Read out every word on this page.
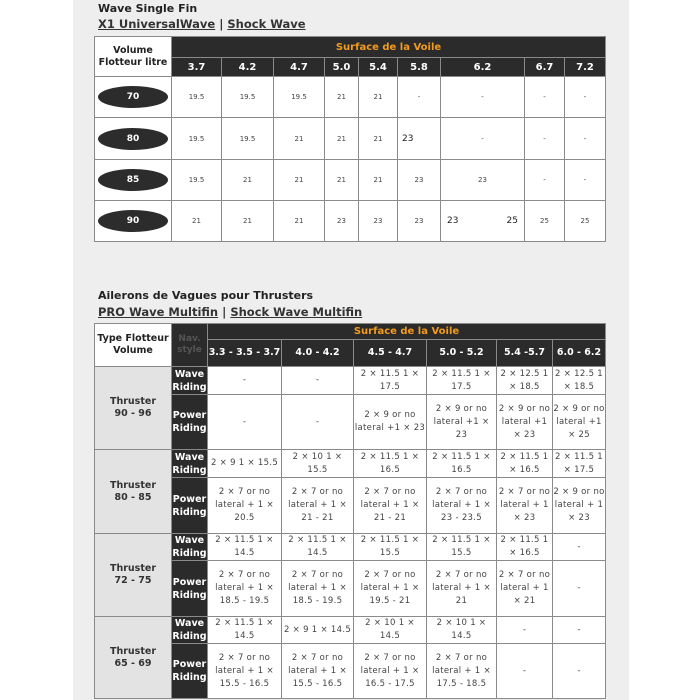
Wave Single Fin
X1 UniversalWave | Shock Wave
Volume Flotteur litre	Surface de la Voile								
	3.7	4.2	4.7	5.0	5.4	5.8	6.2	6.7	7.2

70	19.5	19.5	19.5	21	21	-	-	-	-

80	19.5	19.5	21	21	21	23	-	-	-

85	19.5	21	21	21	21	23	23	-	-

90	21	21	21	23	23	23	23 25	25	25
Ailerons de Vagues pour Thrusters
PRO Wave Multifin | Shock Wave Multifin
Type Flotteur Volume	Nav. style	Surface de la Voile					
		3.3 - 3.5 - 3.7	4.0 - 4.2	4.5 - 4.7	5.0 - 5.2	5.4 -5.7	6.0 - 6.2
Thruster 90 - 96	Wave Riding	-	-	2 × 11.5 1 × 17.5	2 × 11.5 1 × 17.5	2 × 12.5 1 × 18.5	2 × 12.5 1 × 18.5
	Power Riding	-	-	2 × 9 or no lateral +1 × 23	2 × 9 or no lateral +1 × 23	2 × 9 or no lateral +1 × 23	2 × 9 or no lateral +1 × 25
Thruster 80 - 85	Wave Riding	2 × 9 1 × 15.5	2 × 10 1 × 15.5	2 × 11.5 1 × 16.5	2 × 11.5 1 × 16.5	2 × 11.5 1 × 16.5	2 × 11.5 1 × 17.5
	Power Riding	2 × 7 or no lateral + 1 × 20.5	2 × 7 or no lateral + 1 × 21 - 21	2 × 7 or no lateral + 1 × 21 - 21	2 × 7 or no lateral + 1 × 23 - 23.5	2 × 7 or no lateral + 1 × 23	2 × 9 or no lateral + 1 × 23
Thruster 72 - 75	Wave Riding	2 × 11.5 1 × 14.5	2 × 11.5 1 × 14.5	2 × 11.5 1 × 15.5	2 × 11.5 1 × 15.5	2 × 11.5 1 × 16.5	-
	Power Riding	2 × 7 or no lateral + 1 × 18.5 - 19.5	2 × 7 or no lateral + 1 × 18.5 - 19.5	2 × 7 or no lateral + 1 × 19.5 - 21	2 × 7 or no lateral + 1 × 21	2 × 7 or no lateral + 1 × 21	-
Thruster 65 - 69	Wave Riding	2 × 11.5 1 × 14.5	2 × 9 1 × 14.5	2 × 10 1 × 14.5	2 × 10 1 × 14.5	-	-
	Power Riding	2 × 7 or no lateral + 1 × 15.5 - 16.5	2 × 7 or no lateral + 1 × 15.5 - 16.5	2 × 7 or no lateral + 1 × 16.5 - 17.5	2 × 7 or no lateral + 1 × 17.5 - 18.5	-	-
